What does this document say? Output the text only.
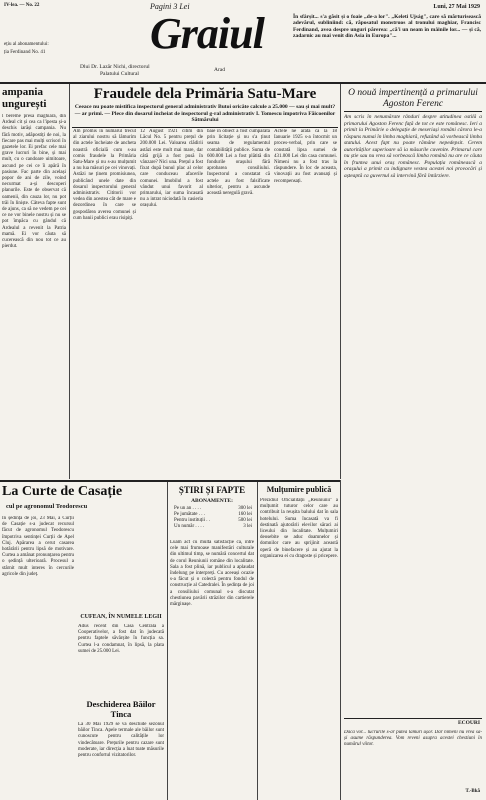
IV-lea. — No. 22	Pagini 3 Lei	Luni, 27 Mai 1929
ețiu al abonamentului:
ția Ferdinand No. 41 Graiul
Dlui Dr. Lazăr Nichi, directorul
Palatului Cultural
Arad
În sfârșit... s'a găsit și o foaie „de-a lor". „Keleti Ujság", care să mărturisească adevărul, subliniind: că, răposatul monstruos al tronului maghiar, Francisc Ferdinand, avea despre unguri părerea: „că'i un neam în mâinile lor... — și că, zadarnic au mai venit din Asia în Europa"...
ampania ungurești
l bereme presa maghiară, din Ardeal cit și cea ca l'ipesta și-a deschis iarăși campania. Nu fără motiv, adăpostiți de noi, la fiecare pas mai mulți scrisori în gazetele lor. Ei prefac cele mai grave lucruri în bine, și mai mult, cu o candoare uimitoare, ascund pe cei ce îi apără în pasiune. Fac parte din același popor de ani de zile, voind necurmat a-și descoperi planurile. Este de observat că oamenii, din cauza lor, nu pot trăi în liniște. Câteva fapte sunt de ajuns, ca să ne vedem pe cei ce ne vor binele nostru și nu se pot împăca cu gândul că Ardealul a revenit la Patria mamă. Ei vor căuta să cucerească din nou tot ce au pierdut.
Fraudele dela Primăria Satu-Mare
Ceeace nu poate mistifica inspectorul general administrativ Butoi oricâte calcule a 25.000 — sau și mai mult? — ar primi. — Plece din dosarul încheiat de inspectorul g-ral administrativ I. Tomescu împotriva Făicoenilor Sătmărului
Am promis în numărul trecut al ziarului nostru să lămurim din actele încheiate de ancheta noastră oficială cum s-au comis fraudele la Primăria Satu-Mare și nu s-au mulțumit a nu lua măsuri pe cei vinovați. Astăzi ne ținem promisiunea, publicând unele date din dosarul inspectorului general administrativ. Cititorii vor vedea din acestea cât de mare e dezordinea în care se gospodărea averea comunei și cum banii publici erau risipiți.
12 August 1921 citim din Lăcul No. 5 pentru prețul de 200.000 Lei. Valoarea clădirii astăzi este mult mai mare, dar câtă grijă a fost pusă în vânzare? Nici una. Prețul a fost fixat după bunul plac al celor care conduceau afacerile comunei. Imobilul a fost vândut unui favorit al primarului, iar suma încasată nu a intrat niciodată în casieria orașului.
baie în obiect a fost cumpărată prin licitație și nu s'a ținut seama de regulamentul contabilității publice. Suma de 600.000 Lei a fost plătită din fondurile orașului fără aprobarea consiliului. Inspectorul a constatat că actele au fost falsificate ulterior, pentru a ascunde această neregulă gravă.
Actele ne arată că la 18 Ianuarie 1925 s-a întocmit un proces-verbal, prin care se constată lipsa sumei de 431.000 Lei din casa comunei. Nimeni nu a fost tras la răspundere. În loc de aceasta, vinovații au fost avansați și recompensați.
O nouă impertinență a primarului Agoston Ferenc
Am scris în nenumărate rânduri despre atitudinea ostilă a primarului Agoston Ferenc față de tot ce este românesc. Ieri a primit la Primărie o delegație de meseriași români cărora le-a răspuns numai în limba maghiară, refuzând să vorbească limba statului. Acest fapt nu poate rămâne nepedepsit. Cerem autorităților superioare să ia măsurile cuvenite. Primarul care nu știe sau nu vrea să vorbească limba română nu are ce căuta în fruntea unui oraș românesc. Populația românească a orașului a primit cu indignare vestea acestei noi provocări și așteaptă ca guvernul să intervină fără întârziere.
La Curte de Casație
cul pe agronomul Teodorescu
În ședința de joi, 23 Mai, a Curții de Casație s-a judecat recursul făcut de agronomul Teodorescu împotriva sentinței Curții de Apel Cluj. Apărarea a cerut casarea hotărârii pentru lipsă de motivare. Curtea a amânat pronunțarea pentru o ședință ulterioară. Procesul a stârnit mult interes în cercurile agricole din județ.
CUFEAN, ÎN NUMELE LEGII
Adus recent din Casa Centrală a Cooperativelor, a fost dat în judecată pentru faptele săvârșite în funcția sa. Curtea l-a condamnat, în lipsă, la plata sumei de 25.000 Lei.
Deschiderea Băilor Tinca
La 30 Mai 1929 se va deschide sezonul băilor Tinca. Apele termale ale băilor sunt cunoscute pentru calitățile lor vindecătoare. Prețurile pentru cazare sunt moderate, iar direcția a luat toate măsurile pentru confortul vizitatorilor.
ȘTIRI ȘI FAPTE
ABONAMENTE:
Pe un an . . . .	300 lei
Pe jumătate . . .	160 lei
Pentru instituții . .	500 lei
Un număr . . . .	3 lei
Luam act cu multă satisfacție că, între cele mai frumoase manifestări culturale din ultimul timp, se numără concertul dat de corul Reuniunii române din localitate. Sala a fost plină, iar publicul a aplaudat îndelung pe interpreți. Cu aceeași ocazie s-a făcut și o colectă pentru fondul de construcție al Catedralei. În ședința de joi a consiliului comunal s-a discutat chestiunea pavării străzilor din cartierele mărginașe.
Mulțumire publică
Prezidiul Oficialității „Reuniunii" a mulțumit tuturor celor care au contribuit la reușita balului dat în sala hotelului. Suma încasată va fi destinată ajutorării elevilor săraci ai liceului din localitate. Mulțumiri deosebite se aduc doamnelor și domnilor care au sprijinit această operă de binefacere și au ajutat la organizarea ei cu dragoste și pricepere.
ECOURI
Dacă vor... lucrurile s-ar putea lămuri ușor. Dar nimeni nu vrea să-și asume răspunderea. Vom reveni asupra acestei chestiuni în numărul viitor.
T.-Bkă
